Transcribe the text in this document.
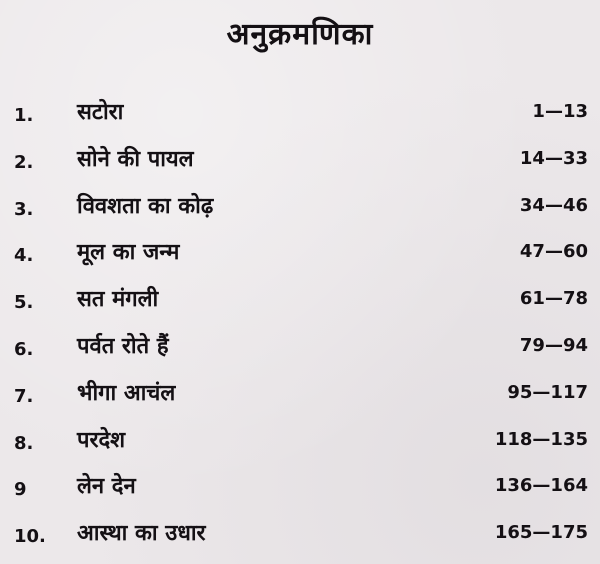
अनुक्रमणिका
1. सटोरा	1—13
2. सोने की पायल	14—33
3. विवशता का कोढ़	34—46
4. मूल का जन्म	47—60
5. सत मंगली	61—78
6. पर्वत रोते हैं	79—94
7. भीगा आचंल	95—117
8. परदेश	118—135
9 लेन देन	136—164
10. आस्था का उधार	165—175
